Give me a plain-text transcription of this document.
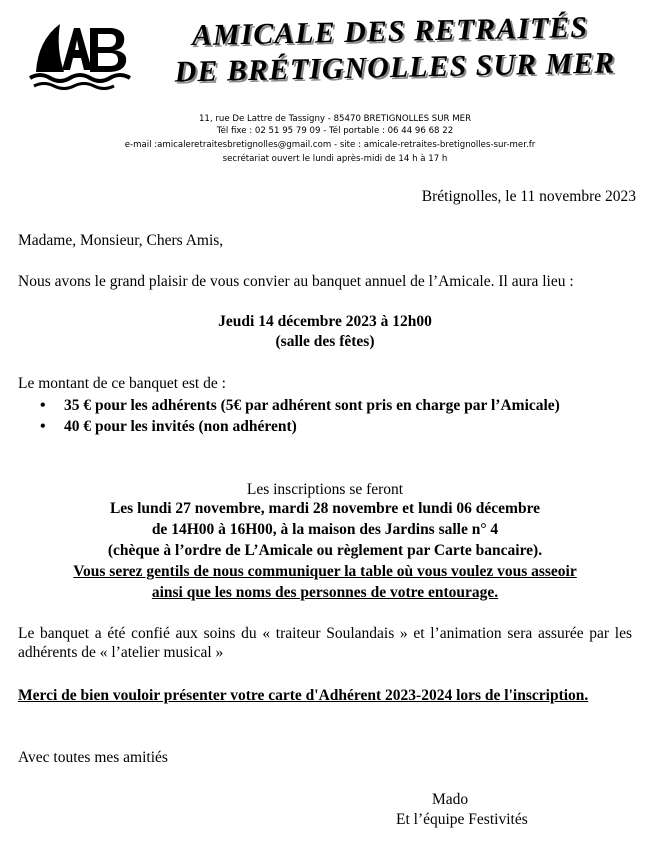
AMICALE DES RETRAITÉS
DE BRÉTIGNOLLES SUR MER
11, rue De Lattre de Tassigny - 85470 BRETIGNOLLES SUR MER
Tél fixe : 02 51 95 79 09 - Tél portable : 06 44 96 68 22
e-mail :amicaleretraitesbretignolles@gmail.com - site : amicale-retraites-bretignolles-sur-mer.fr
secrétariat ouvert le lundi après-midi de 14 h à 17 h
Brétignolles, le 11 novembre 2023
Madame, Monsieur, Chers Amis,
Nous avons le grand plaisir de vous convier au banquet annuel de l’Amicale. Il aura lieu :
Jeudi 14 décembre 2023 à 12h00
(salle des fêtes)
Le montant de ce banquet est de :
• 35 € pour les adhérents (5€ par adhérent sont pris en charge par l’Amicale)
• 40 € pour les invités (non adhérent)
Les inscriptions se feront
Les lundi 27 novembre, mardi 28 novembre et lundi 06 décembre
de 14H00 à 16H00, à la maison des Jardins salle n° 4
(chèque à l’ordre de L’Amicale ou règlement par Carte bancaire).
Vous serez gentils de nous communiquer la table où vous voulez vous asseoir
ainsi que les noms des personnes de votre entourage.
Le banquet a été confié aux soins du « traiteur Soulandais » et l’animation sera assurée par les adhérents de « l’atelier musical »
Merci de bien vouloir présenter votre carte d'Adhérent 2023-2024 lors de l'inscription.
Avec toutes mes amitiés
Mado
Et l’équipe Festivités
